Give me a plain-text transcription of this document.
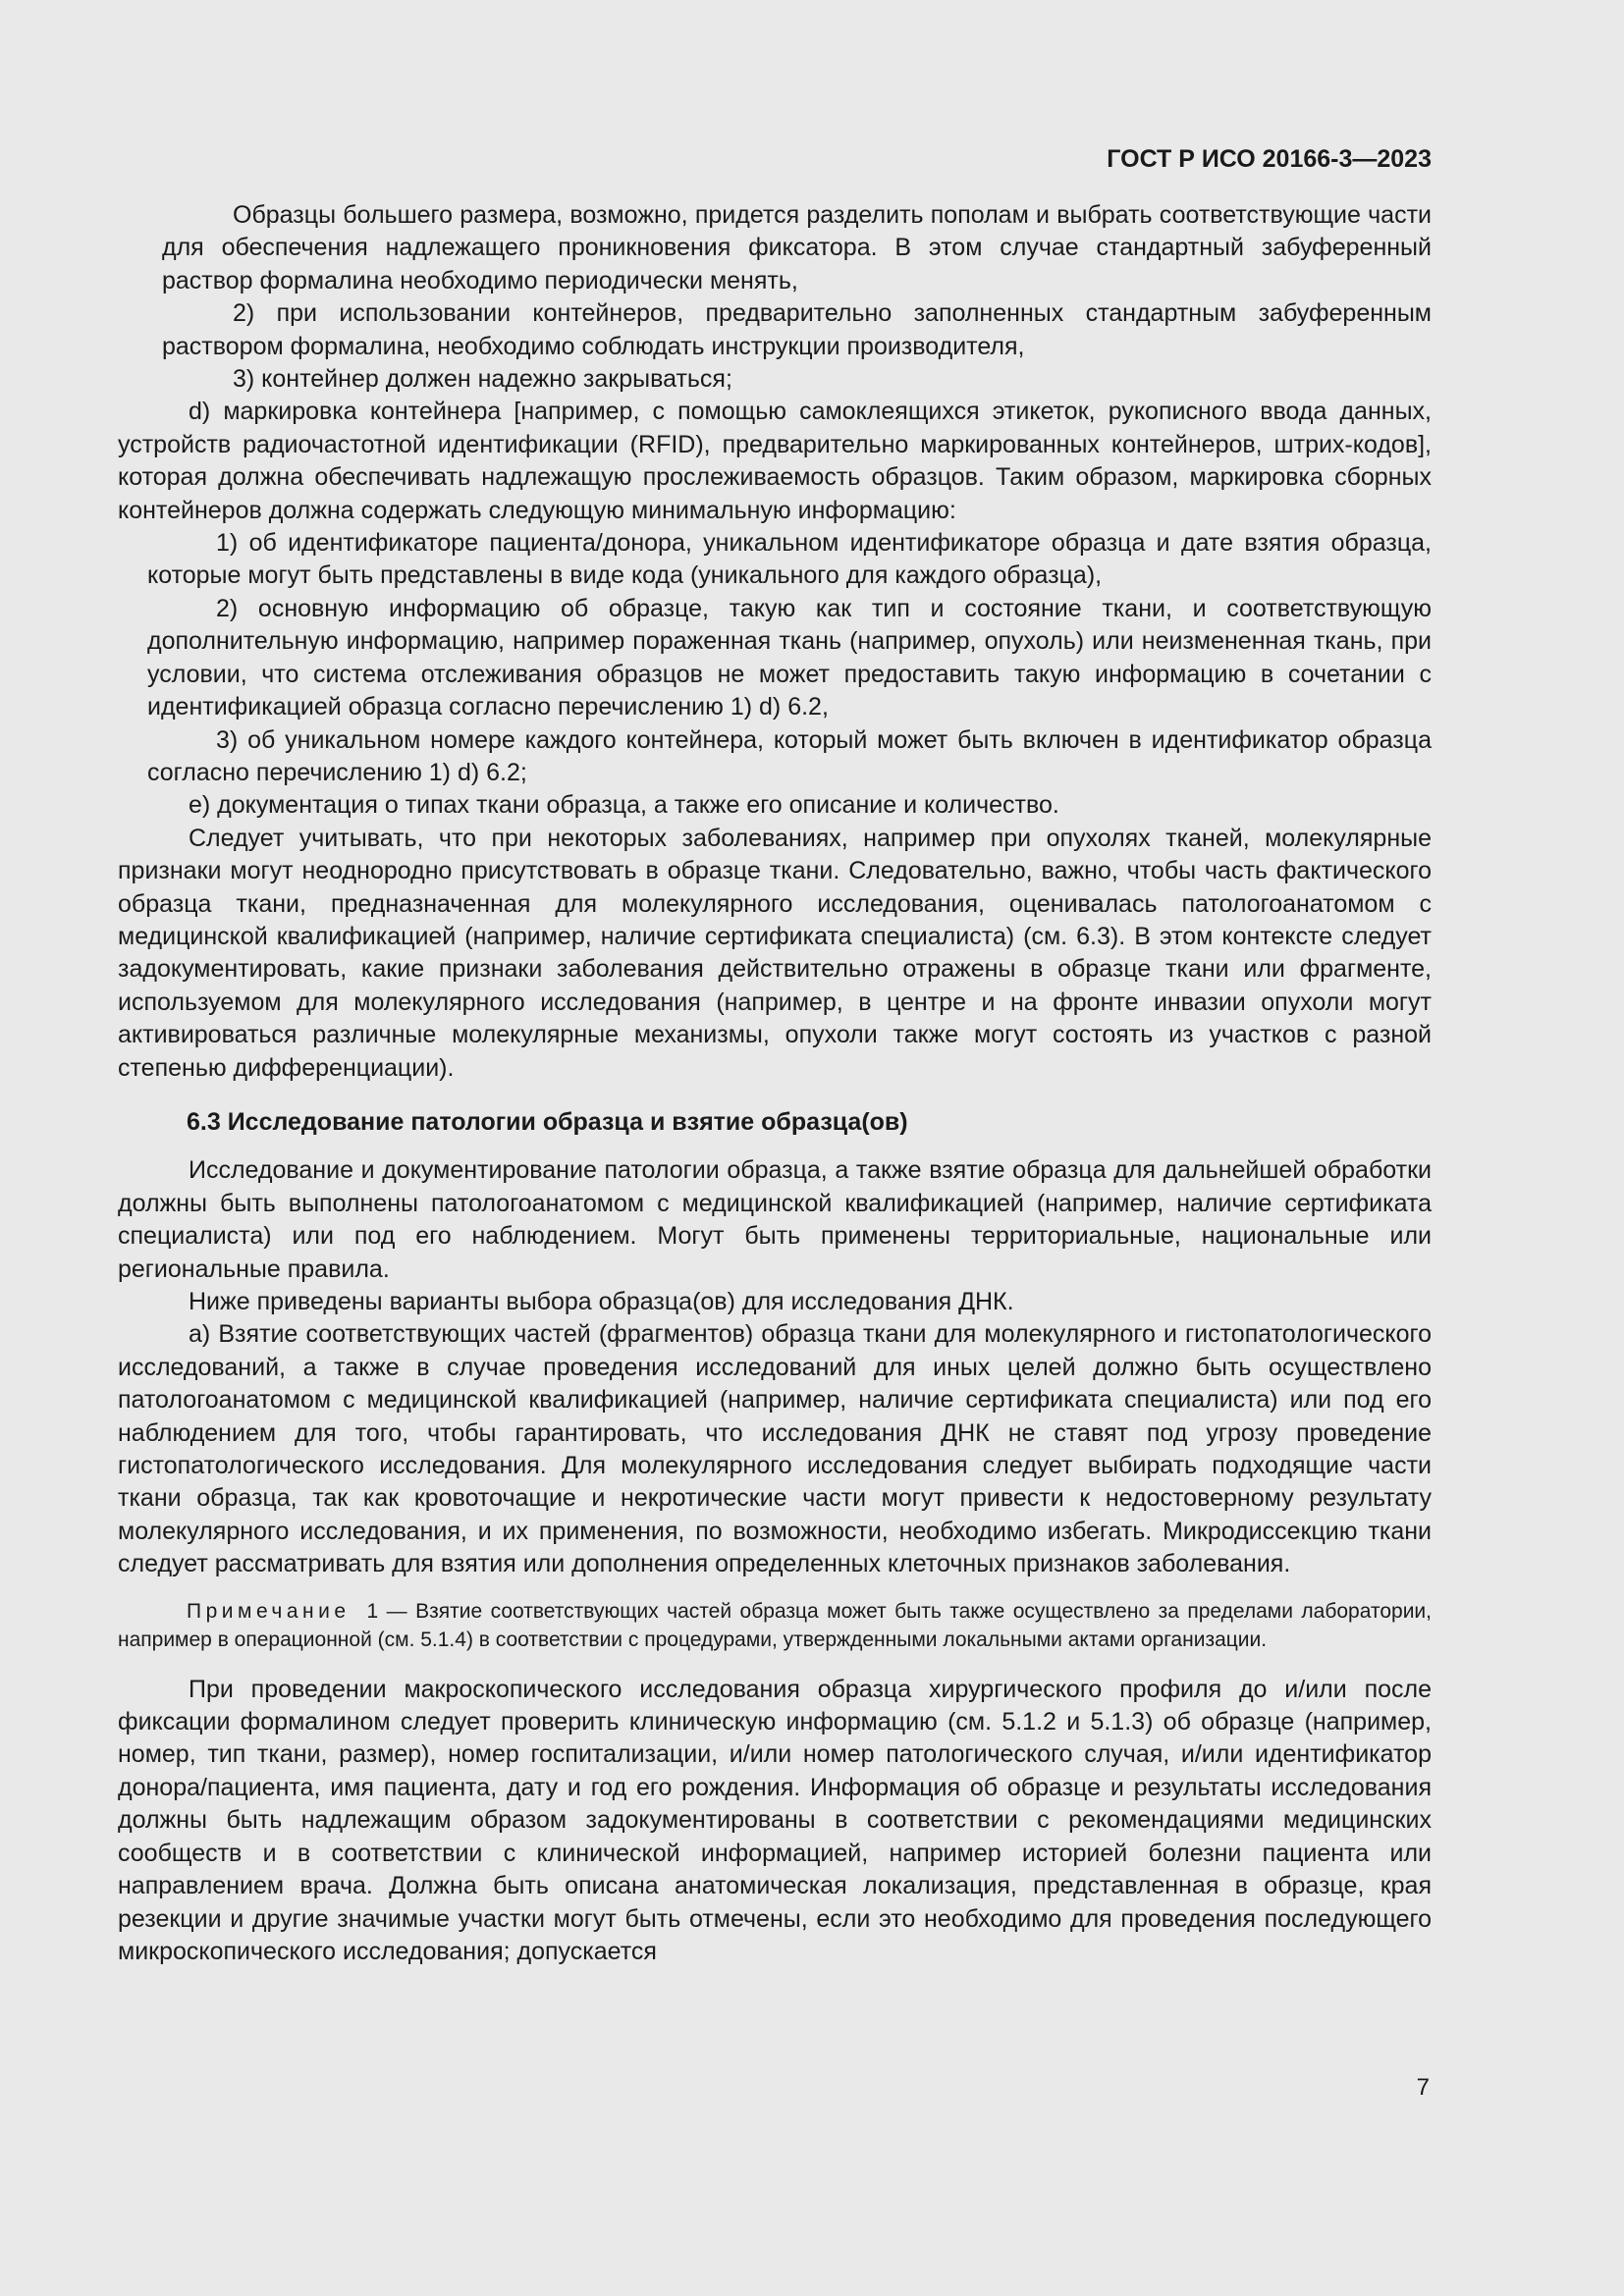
ГОСТ Р ИСО 20166-3—2023

Образцы большего размера, возможно, придется разделить пополам и выбрать соответствующие части для обеспечения надлежащего проникновения фиксатора. В этом случае стандартный забуференный раствор формалина необходимо периодически менять,

2) при использовании контейнеров, предварительно заполненных стандартным забуференным раствором формалина, необходимо соблюдать инструкции производителя,

3) контейнер должен надежно закрываться;

d) маркировка контейнера [например, с помощью самоклеящихся этикеток, рукописного ввода данных, устройств радиочастотной идентификации (RFID), предварительно маркированных контейнеров, штрих-кодов], которая должна обеспечивать надлежащую прослеживаемость образцов. Таким образом, маркировка сборных контейнеров должна содержать следующую минимальную информацию:

1) об идентификаторе пациента/донора, уникальном идентификаторе образца и дате взятия образца, которые могут быть представлены в виде кода (уникального для каждого образца),

2) основную информацию об образце, такую как тип и состояние ткани, и соответствующую дополнительную информацию, например пораженная ткань (например, опухоль) или неизмененная ткань, при условии, что система отслеживания образцов не может предоставить такую информацию в сочетании с идентификацией образца согласно перечислению 1) d) 6.2,

3) об уникальном номере каждого контейнера, который может быть включен в идентификатор образца согласно перечислению 1) d) 6.2;

e) документация о типах ткани образца, а также его описание и количество.

Следует учитывать, что при некоторых заболеваниях, например при опухолях тканей, молекулярные признаки могут неоднородно присутствовать в образце ткани. Следовательно, важно, чтобы часть фактического образца ткани, предназначенная для молекулярного исследования, оценивалась патологоанатомом с медицинской квалификацией (например, наличие сертификата специалиста) (см. 6.3). В этом контексте следует задокументировать, какие признаки заболевания действительно отражены в образце ткани или фрагменте, используемом для молекулярного исследования (например, в центре и на фронте инвазии опухоли могут активироваться различные молекулярные механизмы, опухоли также могут состоять из участков с разной степенью дифференциации).

6.3 Исследование патологии образца и взятие образца(ов)

Исследование и документирование патологии образца, а также взятие образца для дальнейшей обработки должны быть выполнены патологоанатомом с медицинской квалификацией (например, наличие сертификата специалиста) или под его наблюдением. Могут быть применены территориальные, национальные или региональные правила.

Ниже приведены варианты выбора образца(ов) для исследования ДНК.

a) Взятие соответствующих частей (фрагментов) образца ткани для молекулярного и гистопатологического исследований, а также в случае проведения исследований для иных целей должно быть осуществлено патологоанатомом с медицинской квалификацией (например, наличие сертификата специалиста) или под его наблюдением для того, чтобы гарантировать, что исследования ДНК не ставят под угрозу проведение гистопатологического исследования. Для молекулярного исследования следует выбирать подходящие части ткани образца, так как кровоточащие и некротические части могут привести к недостоверному результату молекулярного исследования, и их применения, по возможности, необходимо избегать. Микродиссекцию ткани следует рассматривать для взятия или дополнения определенных клеточных признаков заболевания.

Примечание 1 — Взятие соответствующих частей образца может быть также осуществлено за пределами лаборатории, например в операционной (см. 5.1.4) в соответствии с процедурами, утвержденными локальными актами организации.

При проведении макроскопического исследования образца хирургического профиля до и/или после фиксации формалином следует проверить клиническую информацию (см. 5.1.2 и 5.1.3) об образце (например, номер, тип ткани, размер), номер госпитализации, и/или номер патологического случая, и/или идентификатор донора/пациента, имя пациента, дату и год его рождения. Информация об образце и результаты исследования должны быть надлежащим образом задокументированы в соответствии с рекомендациями медицинских сообществ и в соответствии с клинической информацией, например историей болезни пациента или направлением врача. Должна быть описана анатомическая локализация, представленная в образце, края резекции и другие значимые участки могут быть отмечены, если это необходимо для проведения последующего микроскопического исследования; допускается

7
